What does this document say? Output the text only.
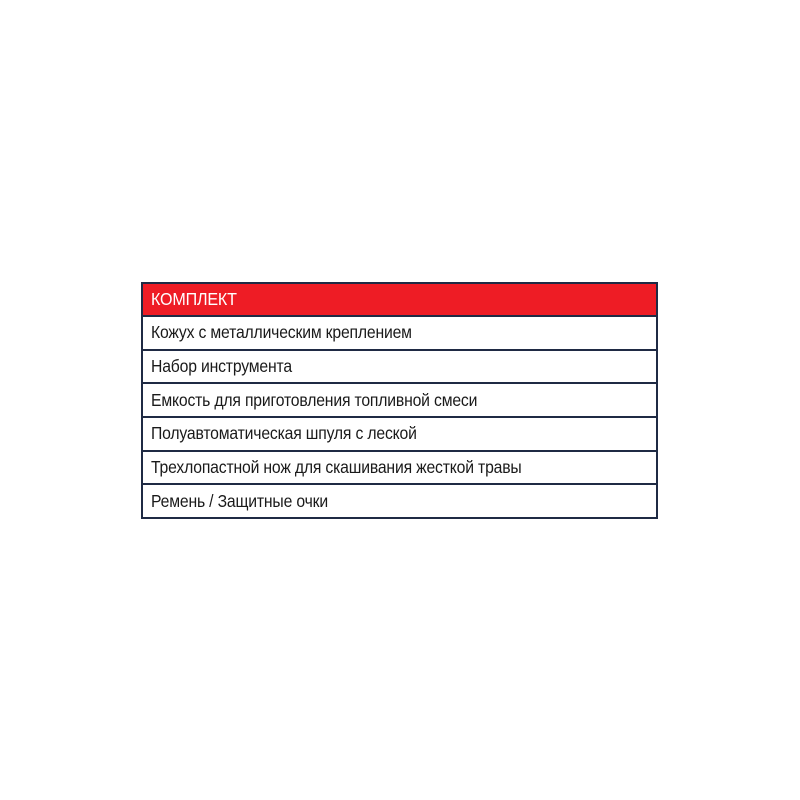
КОМПЛЕКТ
Кожух с металлическим креплением
Набор инструмента
Емкость для приготовления топливной смеси
Полуавтоматическая шпуля с леской
Трехлопастной нож для скашивания жесткой травы
Ремень / Защитные очки
